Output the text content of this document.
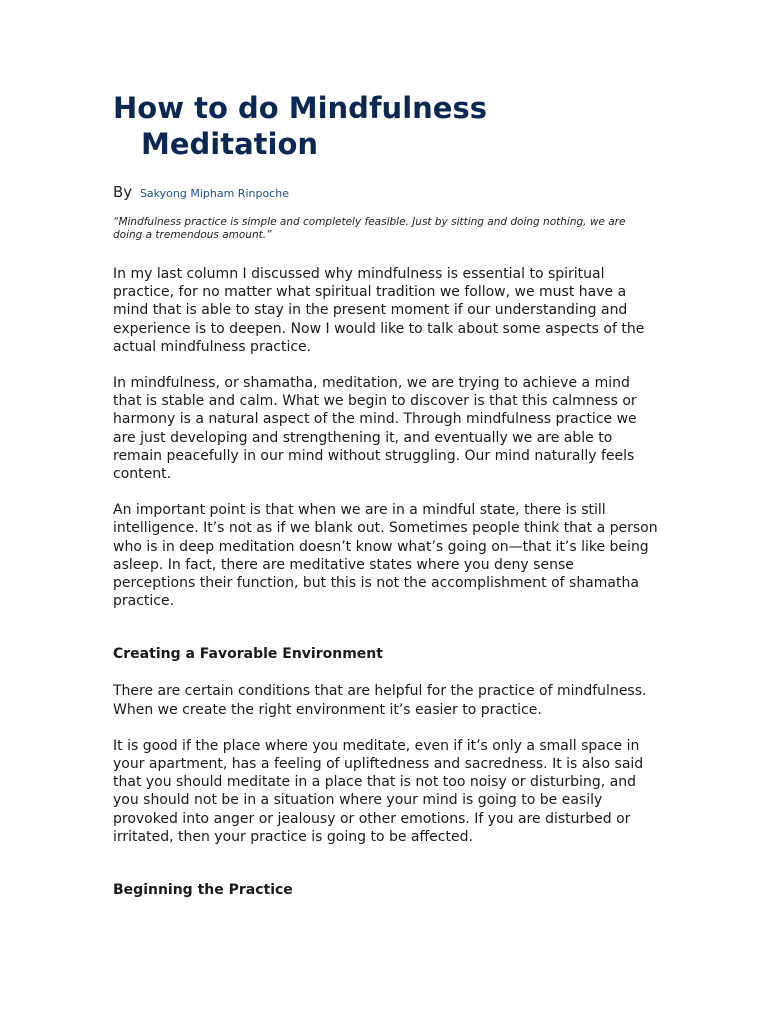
How to do Mindfulness
Meditation
By Sakyong Mipham Rinpoche
“Mindfulness practice is simple and completely feasible. Just by sitting and doing nothing, we are doing a tremendous amount.”

In my last column I discussed why mindfulness is essential to spiritual practice, for no matter what spiritual tradition we follow, we must have a mind that is able to stay in the present moment if our understanding and experience is to deepen. Now I would like to talk about some aspects of the actual mindfulness practice.

In mindfulness, or shamatha, meditation, we are trying to achieve a mind that is stable and calm. What we begin to discover is that this calmness or harmony is a natural aspect of the mind. Through mindfulness practice we are just developing and strengthening it, and eventually we are able to remain peacefully in our mind without struggling. Our mind naturally feels content.

An important point is that when we are in a mindful state, there is still intelligence. It’s not as if we blank out. Sometimes people think that a person who is in deep meditation doesn’t know what’s going on—that it’s like being asleep. In fact, there are meditative states where you deny sense perceptions their function, but this is not the accomplishment of shamatha practice.

Creating a Favorable Environment

There are certain conditions that are helpful for the practice of mindfulness. When we create the right environment it’s easier to practice.

It is good if the place where you meditate, even if it’s only a small space in your apartment, has a feeling of upliftedness and sacredness. It is also said that you should meditate in a place that is not too noisy or disturbing, and you should not be in a situation where your mind is going to be easily provoked into anger or jealousy or other emotions. If you are disturbed or irritated, then your practice is going to be affected.

Beginning the Practice
